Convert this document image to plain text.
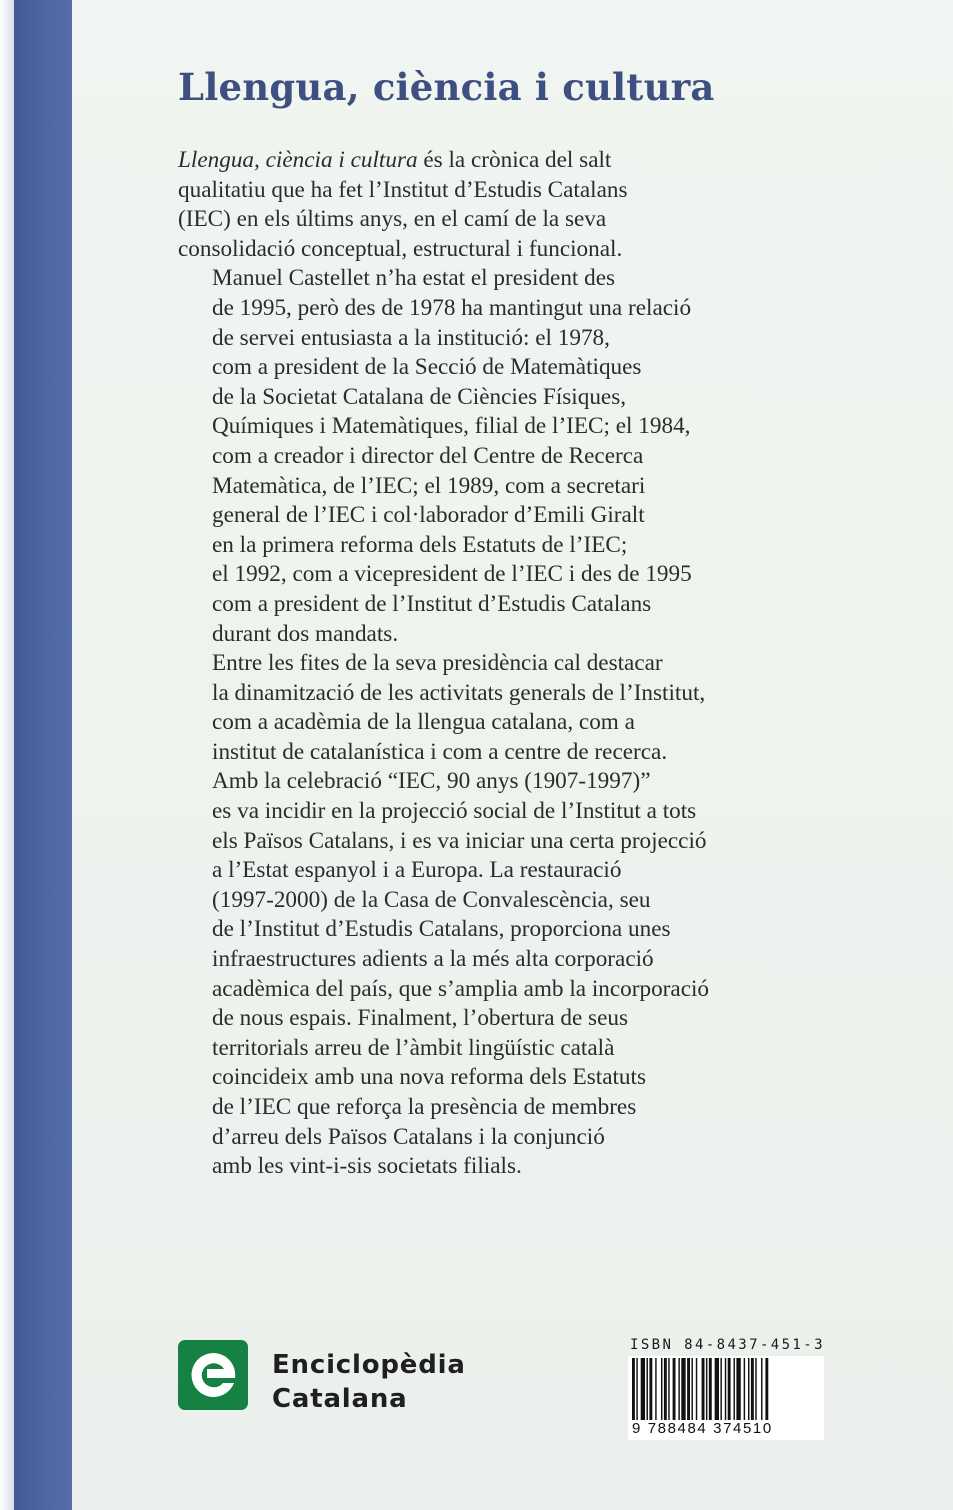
Llengua, ciència i cultura

Llengua, ciència i cultura és la crònica del salt
qualitatiu que ha fet l’Institut d’Estudis Catalans
(IEC) en els últims anys, en el camí de la seva
consolidació conceptual, estructural i funcional.

Manuel Castellet n’ha estat el president des
de 1995, però des de 1978 ha mantingut una relació
de servei entusiasta a la institució: el 1978,
com a president de la Secció de Matemàtiques
de la Societat Catalana de Ciències Físiques,
Químiques i Matemàtiques, filial de l’IEC; el 1984,
com a creador i director del Centre de Recerca
Matemàtica, de l’IEC; el 1989, com a secretari
general de l’IEC i col·laborador d’Emili Giralt
en la primera reforma dels Estatuts de l’IEC;
el 1992, com a vicepresident de l’IEC i des de 1995
com a president de l’Institut d’Estudis Catalans
durant dos mandats.

Entre les fites de la seva presidència cal destacar
la dinamització de les activitats generals de l’Institut,
com a acadèmia de la llengua catalana, com a
institut de catalanística i com a centre de recerca.
Amb la celebració “IEC, 90 anys (1907-1997)”
es va incidir en la projecció social de l’Institut a tots
els Països Catalans, i es va iniciar una certa projecció
a l’Estat espanyol i a Europa. La restauració
(1997-2000) de la Casa de Convalescència, seu
de l’Institut d’Estudis Catalans, proporciona unes
infraestructures adients a la més alta corporació
acadèmica del país, que s’amplia amb la incorporació
de nous espais. Finalment, l’obertura de seus
territorials arreu de l’àmbit lingüístic català
coincideix amb una nova reforma dels Estatuts
de l’IEC que reforça la presència de membres
d’arreu dels Països Catalans i la conjunció
amb les vint-i-sis societats filials.

Enciclopèdia
Catalana
ISBN 84-8437-451-3
9 788484 374510
